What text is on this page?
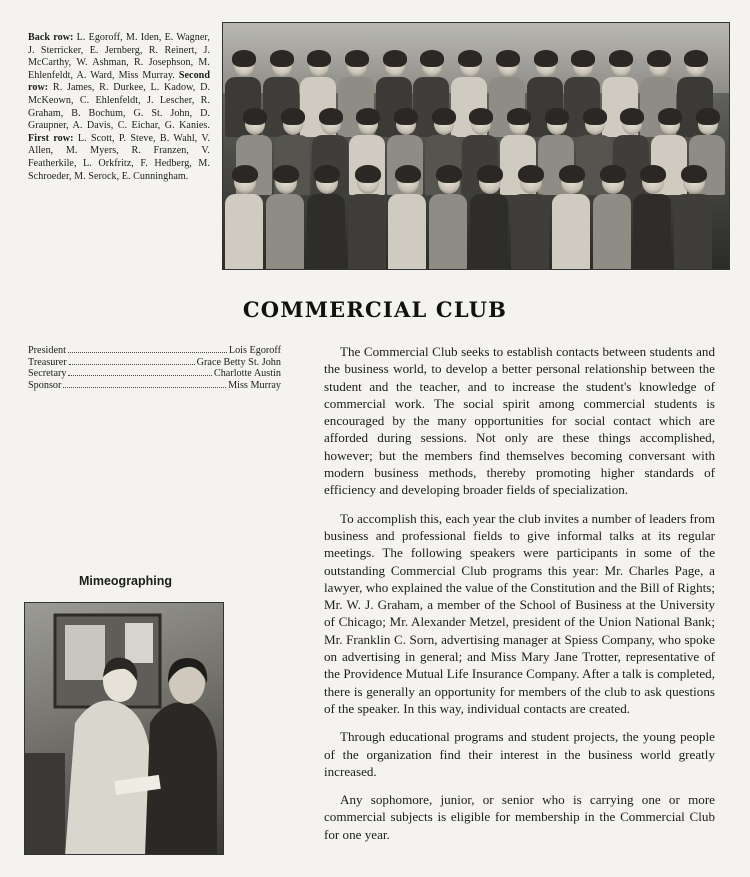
Back row: L. Egoroff, M. Iden, E. Wagner, J. Sterricker, E. Jernberg, R. Reinert, J. McCarthy, W. Ashman, R. Josephson, M. Ehlenfeldt, A. Ward, Miss Murray. Second row: R. James, R. Durkee, L. Kadow, D. McKeown, C. Ehlenfeldt, J. Lescher, R. Graham, B. Bochum, G. St. John, D. Graupner, A. Davis, C. Eichar, G. Kanies. First row: L. Scott, P. Steve, B. Wahl, V. Allen, M. Myers, R. Franzen, V. Featherkile, L. Orkfritz, F. Hedberg, M. Schroeder, M. Serock, E. Cunningham.
COMMERCIAL CLUB
President	Lois Egoroff
Treasurer	Grace Betty St. John
Secretary	Charlotte Austin
Sponsor	Miss Murray

The Commercial Club seeks to establish contacts between students and the business world, to develop a better personal relationship between the student and the teacher, and to increase the student's knowledge of commercial work. The social spirit among commercial students is encouraged by the many opportunities for social contact which are afforded during sessions. Not only are these things accomplished, however; but the members find themselves becoming conversant with modern business methods, thereby promoting higher standards of efficiency and developing broader fields of specialization.

To accomplish this, each year the club invites a number of leaders from business and professional fields to give informal talks at its regular meetings. The following speakers were participants in some of the outstanding Commercial Club programs this year: Mr. Charles Page, a lawyer, who explained the value of the Constitution and the Bill of Rights; Mr. W. J. Graham, a member of the School of Business at the University of Chicago; Mr. Alexander Metzel, president of the Union National Bank; Mr. Franklin C. Sorn, advertising manager at Spiess Company, who spoke on advertising in general; and Miss Mary Jane Trotter, representative of the Providence Mutual Life Insurance Company. After a talk is completed, there is generally an opportunity for members of the club to ask questions of the speaker. In this way, individual contacts are created.

Through educational programs and student projects, the young people of the organization find their interest in the business world greatly increased.

Any sophomore, junior, or senior who is carrying one or more commercial subjects is eligible for membership in the Commercial Club for one year.

Mimeographing
